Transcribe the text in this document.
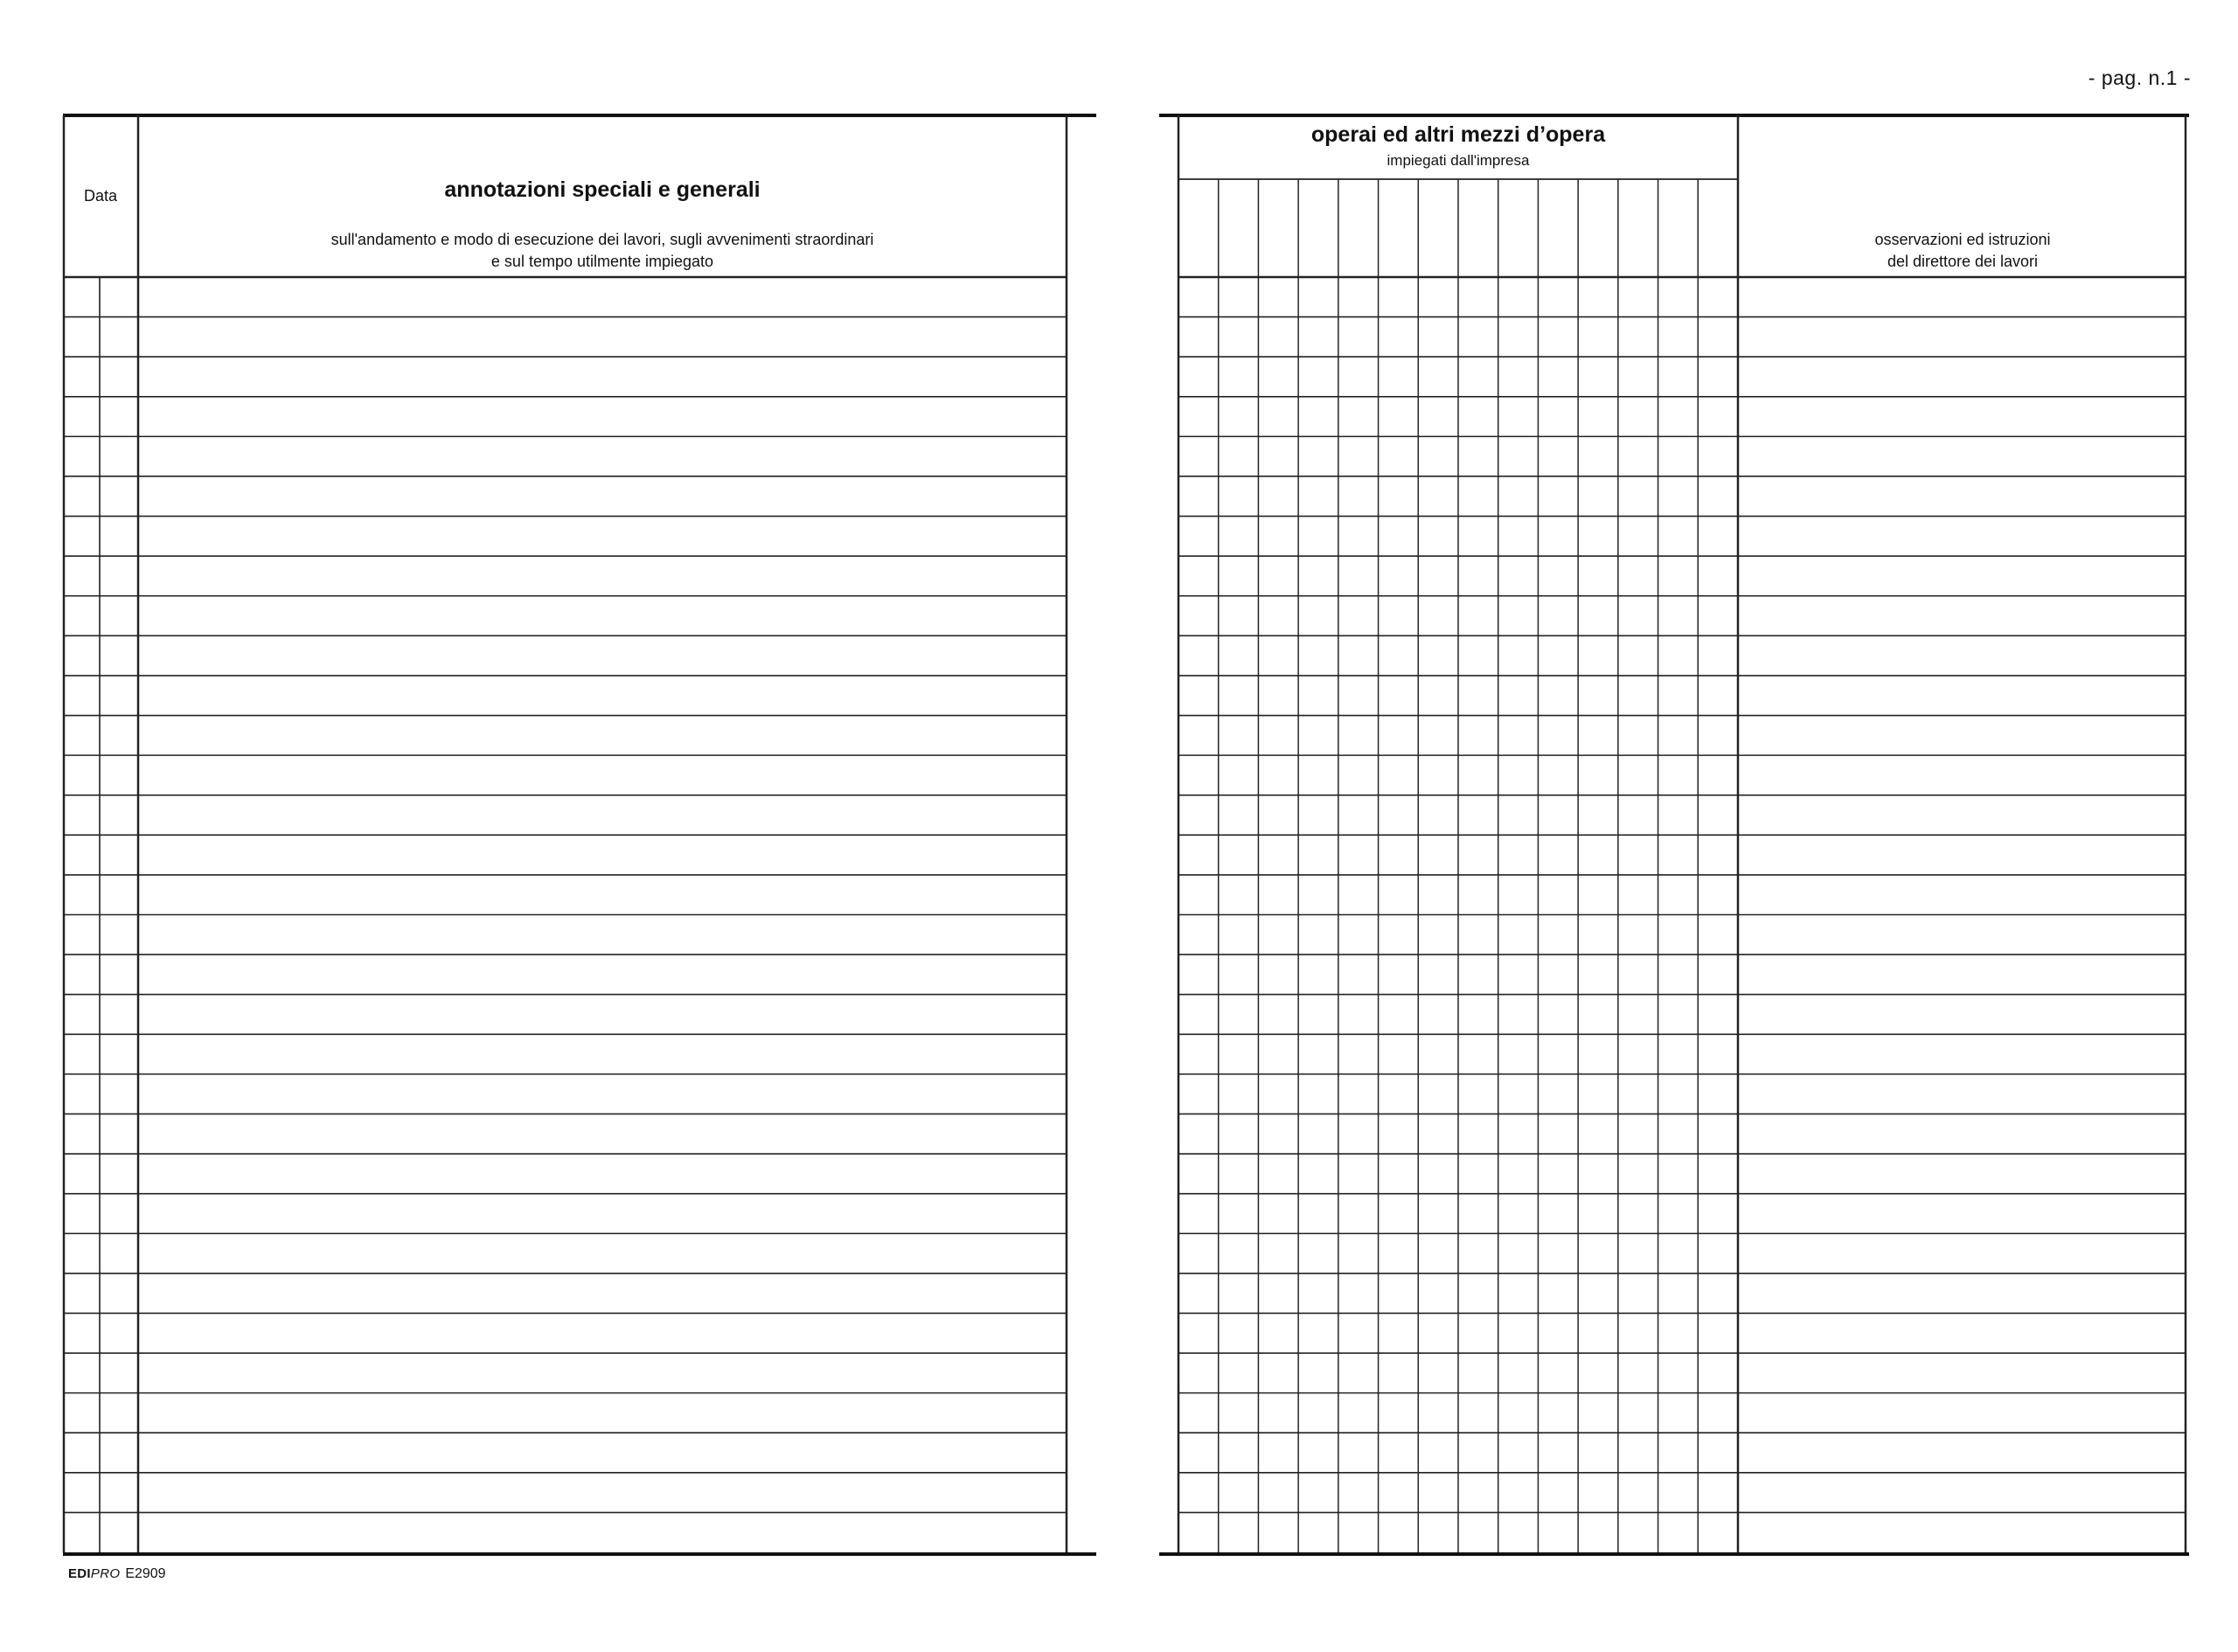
- pag. n.1 -
Data	annotazioni speciali e generali
sull'andamento e modo di esecuzione dei lavori, sugli avvenimenti straordinari
e sul tempo utilmente impiegato
operai ed altri mezzi d’opera
impiegati dall'impresa
osservazioni ed istruzioni
del direttore dei lavori
EDIPRO E2909
